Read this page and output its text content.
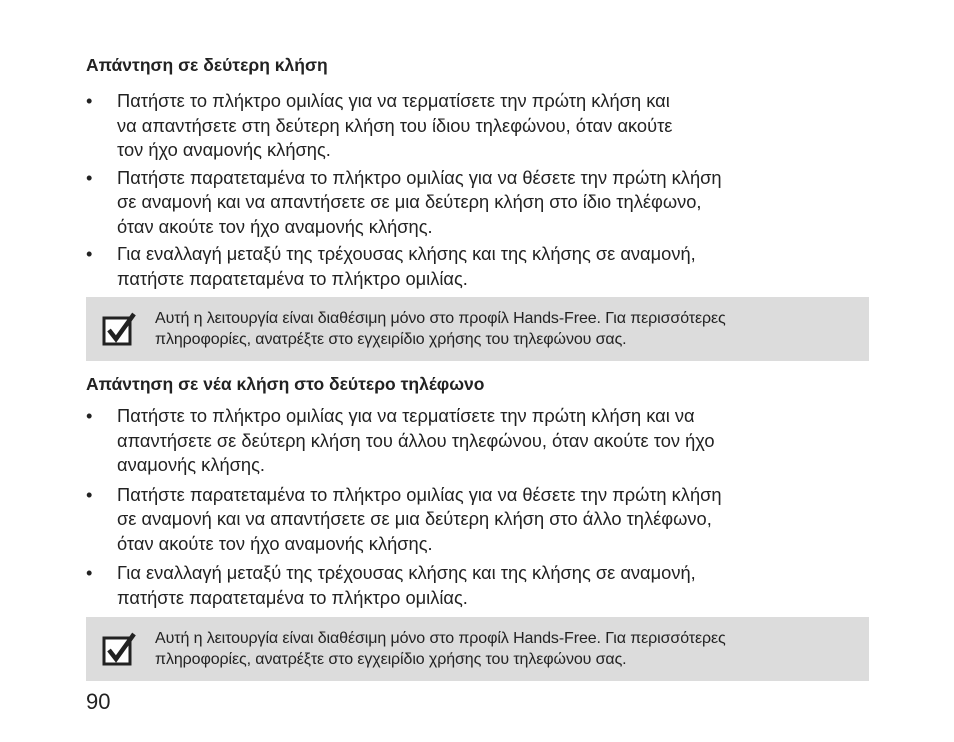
Απάντηση σε δεύτερη κλήση
•	Πατήστε το πλήκτρο ομιλίας για να τερματίσετε την πρώτη κλήση και
να απαντήσετε στη δεύτερη κλήση του ίδιου τηλεφώνου, όταν ακούτε
τον ήχο αναμονής κλήσης.
•	Πατήστε παρατεταμένα το πλήκτρο ομιλίας για να θέσετε την πρώτη κλήση
σε αναμονή και να απαντήσετε σε μια δεύτερη κλήση στο ίδιο τηλέφωνο,
όταν ακούτε τον ήχο αναμονής κλήσης.
•	Για εναλλαγή μεταξύ της τρέχουσας κλήσης και της κλήσης σε αναμονή,
πατήστε παρατεταμένα το πλήκτρο ομιλίας.
Αυτή η λειτουργία είναι διαθέσιμη μόνο στο προφίλ Hands-Free. Για περισσότερες
πληροφορίες, ανατρέξτε στο εγχειρίδιο χρήσης του τηλεφώνου σας.
Απάντηση σε νέα κλήση στο δεύτερο τηλέφωνο
•	Πατήστε το πλήκτρο ομιλίας για να τερματίσετε την πρώτη κλήση και να
απαντήσετε σε δεύτερη κλήση του άλλου τηλεφώνου, όταν ακούτε τον ήχο
αναμονής κλήσης.
•	Πατήστε παρατεταμένα το πλήκτρο ομιλίας για να θέσετε την πρώτη κλήση
σε αναμονή και να απαντήσετε σε μια δεύτερη κλήση στο άλλο τηλέφωνο,
όταν ακούτε τον ήχο αναμονής κλήσης.
•	Για εναλλαγή μεταξύ της τρέχουσας κλήσης και της κλήσης σε αναμονή,
πατήστε παρατεταμένα το πλήκτρο ομιλίας.
Αυτή η λειτουργία είναι διαθέσιμη μόνο στο προφίλ Hands-Free. Για περισσότερες
πληροφορίες, ανατρέξτε στο εγχειρίδιο χρήσης του τηλεφώνου σας.
90
